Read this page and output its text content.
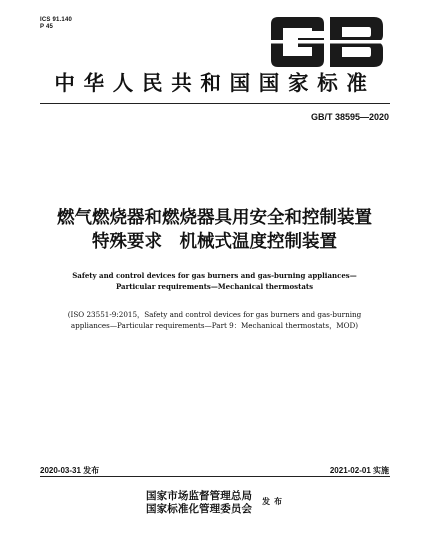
ICS 91.140
P 45
中华人民共和国国家标准
GB/T 38595—2020
燃气燃烧器和燃烧器具用安全和控制装置
特殊要求　机械式温度控制装置
Safety and control devices for gas burners and gas-burning appliances—
Particular requirements—Mechanical thermostats
(ISO 23551-9:2015，Safety and control devices for gas burners and gas-burning
appliances—Particular requirements—Part 9：Mechanical thermostats，MOD)
2020-03-31 发布	2021-02-01 实施
国家市场监督管理总局
国家标准化管理委员会
发布
